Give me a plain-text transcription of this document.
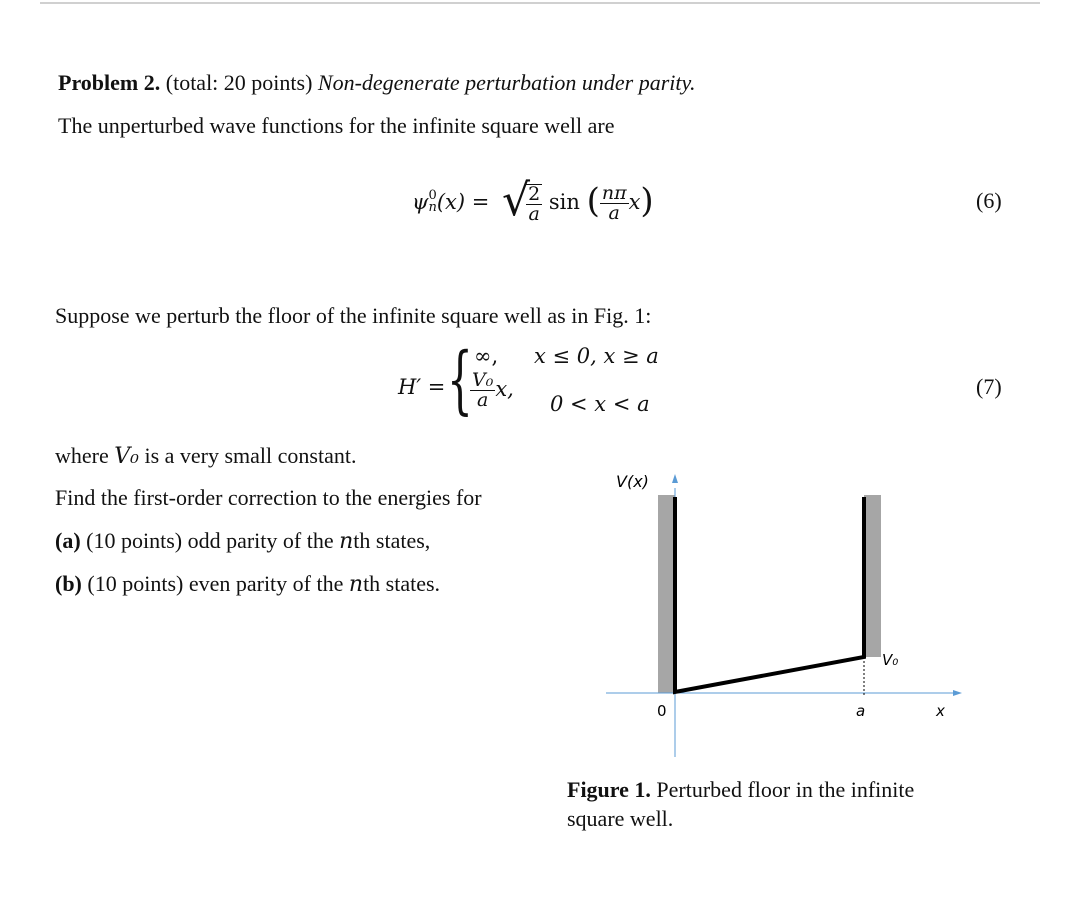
Problem 2. (total: 20 points) Non-degenerate perturbation under parity.
The unperturbed wave functions for the infinite square well are
ψ 0
n (x) = √
$\frac{2}{a}$ sin ( $\frac{n\pi}{a} x$)	(6)
Suppose we perturb the floor of the infinite square well as in Fig. 1:
H′ = { ∞, x ≤ 0, x ≥ a
$\frac{\text{V₀}}{a} x$,
0 < x < a
(7)
where V₀ is a very small constant.
Find the first-order correction to the energies for
(a) (10 points) odd parity of the nth states,
(b) (10 points) even parity of the nth states.
V(x)
V₀
0	a	x
Figure 1. Perturbed floor in the infinite
square well.
